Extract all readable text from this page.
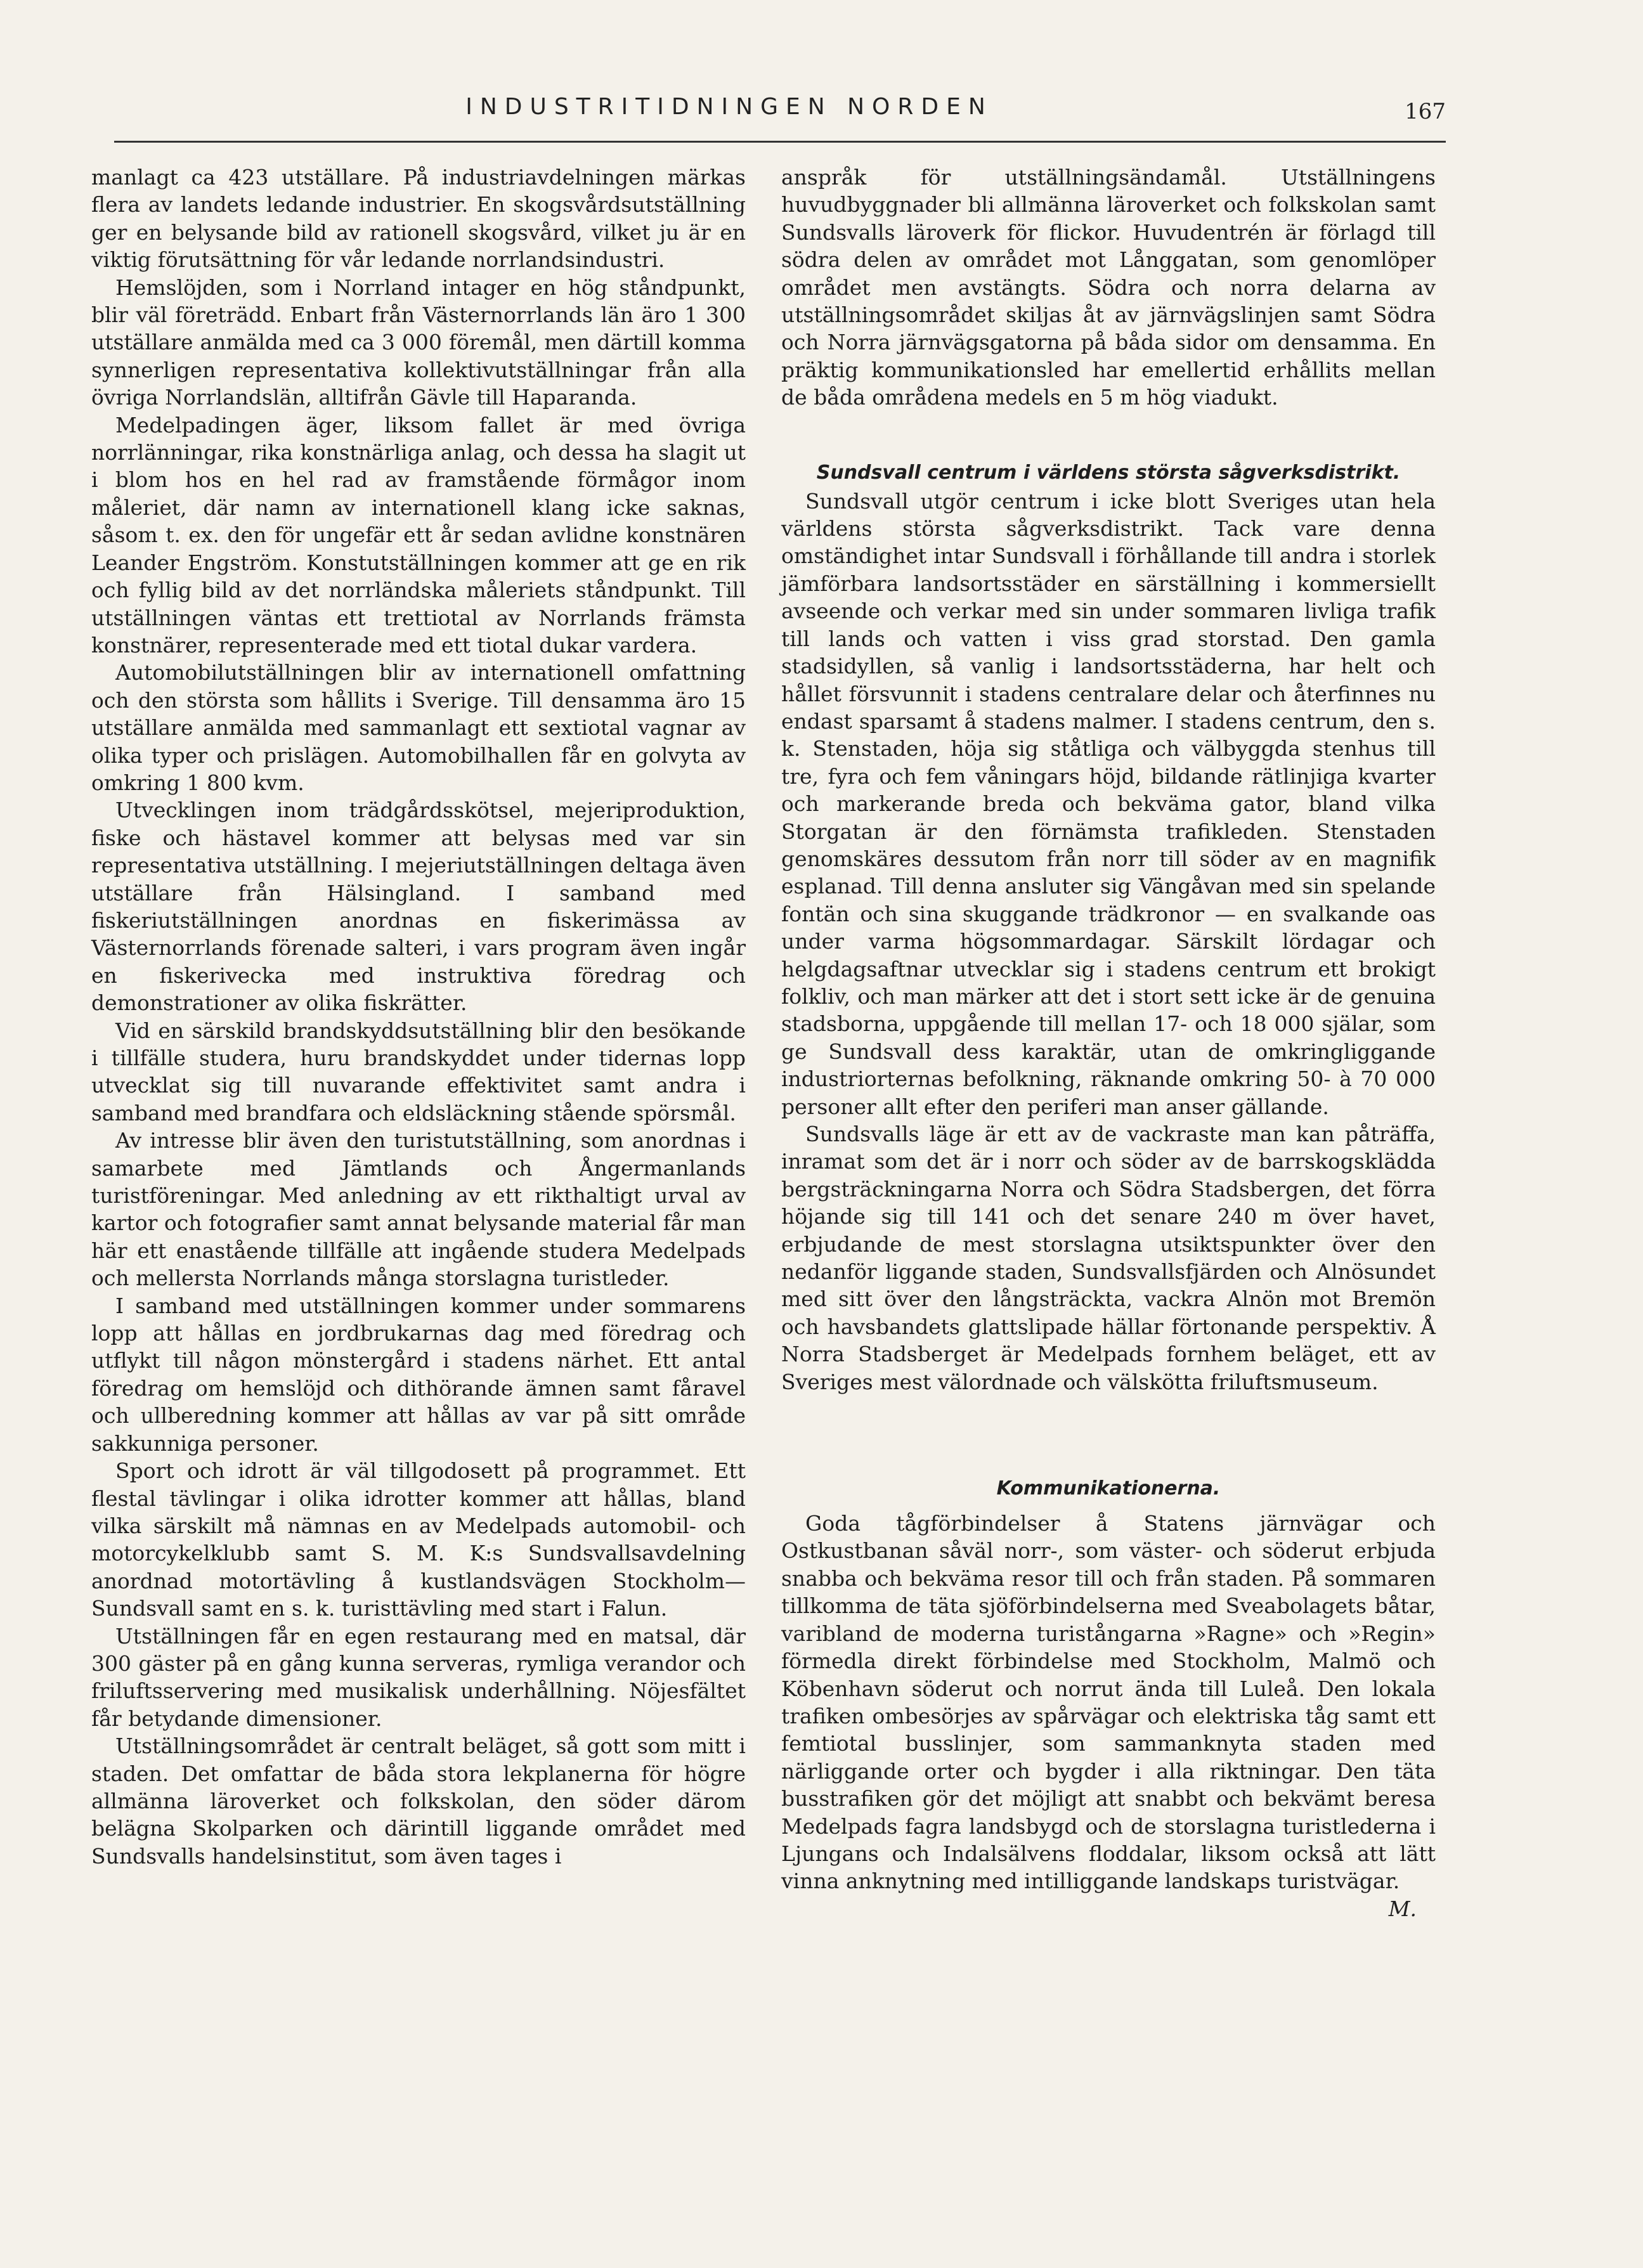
INDUSTRITIDNINGEN NORDEN	167

manlagt ca 423 utställare. På industriavdelningen märkas flera av landets ledande industrier. En skogsvårdsutställning ger en belysande bild av rationell skogsvård, vilket ju är en viktig förutsättning för vår ledande norrlandsindustri.

Hemslöjden, som i Norrland intager en hög ståndpunkt, blir väl företrädd. Enbart från Västernorrlands län äro 1 300 utställare anmälda med ca 3 000 föremål, men därtill komma synnerligen representativa kollektivutställningar från alla övriga Norrlandslän, alltifrån Gävle till Haparanda.

Medelpadingen äger, liksom fallet är med övriga norrlänningar, rika konstnärliga anlag, och dessa ha slagit ut i blom hos en hel rad av framstående förmågor inom måleriet, där namn av internationell klang icke saknas, såsom t. ex. den för ungefär ett år sedan avlidne konstnären Leander Engström. Konstutställningen kommer att ge en rik och fyllig bild av det norrländska måleriets ståndpunkt. Till utställningen väntas ett trettiotal av Norrlands främsta konstnärer, representerade med ett tiotal dukar vardera.

Automobilutställningen blir av internationell omfattning och den största som hållits i Sverige. Till densamma äro 15 utställare anmälda med sammanlagt ett sextiotal vagnar av olika typer och prislägen. Automobilhallen får en golvyta av omkring 1 800 kvm.

Utvecklingen inom trädgårdsskötsel, mejeriproduktion, fiske och hästavel kommer att belysas med var sin representativa utställning. I mejeriutställningen deltaga även utställare från Hälsingland. I samband med fiskeriutställningen anordnas en fiskerimässa av Västernorrlands förenade salteri, i vars program även ingår en fiskerivecka med instruktiva föredrag och demonstrationer av olika fiskrätter.

Vid en särskild brandskyddsutställning blir den besökande i tillfälle studera, huru brandskyddet under tidernas lopp utvecklat sig till nuvarande effektivitet samt andra i samband med brandfara och eldsläckning stående spörsmål.

Av intresse blir även den turistutställning, som anordnas i samarbete med Jämtlands och Ångermanlands turistföreningar. Med anledning av ett rikthaltigt urval av kartor och fotografier samt annat belysande material får man här ett enastående tillfälle att ingående studera Medelpads och mellersta Norrlands många storslagna turistleder.

I samband med utställningen kommer under sommarens lopp att hållas en jordbrukarnas dag med föredrag och utflykt till någon mönstergård i stadens närhet. Ett antal föredrag om hemslöjd och dithörande ämnen samt fåravel och ullberedning kommer att hållas av var på sitt område sakkunniga personer.

Sport och idrott är väl tillgodosett på programmet. Ett flestal tävlingar i olika idrotter kommer att hållas, bland vilka särskilt må nämnas en av Medelpads automobil- och motorcykelklubb samt S. M. K:s Sundsvallsavdelning anordnad motortävling å kustlandsvägen Stockholm—Sundsvall samt en s. k. turisttävling med start i Falun.

Utställningen får en egen restaurang med en matsal, där 300 gäster på en gång kunna serveras, rymliga verandor och friluftsservering med musikalisk underhållning. Nöjesfältet får betydande dimensioner.

Utställningsområdet är centralt beläget, så gott som mitt i staden. Det omfattar de båda stora lekplanerna för högre allmänna läroverket och folkskolan, den söder därom belägna Skolparken och därintill liggande området med Sundsvalls handelsinstitut, som även tages i

anspråk för utställningsändamål. Utställningens huvudbyggnader bli allmänna läroverket och folkskolan samt Sundsvalls läroverk för flickor. Huvudentrén är förlagd till södra delen av området mot Långgatan, som genomlöper området men avstängts. Södra och norra delarna av utställningsområdet skiljas åt av järnvägslinjen samt Södra och Norra järnvägsgatorna på båda sidor om densamma. En präktig kommunikationsled har emellertid erhållits mellan de båda områdena medels en 5 m hög viadukt.

Sundsvall centrum i världens största sågverksdistrikt.

Sundsvall utgör centrum i icke blott Sveriges utan hela världens största sågverksdistrikt. Tack vare denna omständighet intar Sundsvall i förhållande till andra i storlek jämförbara landsortsstäder en särställning i kommersiellt avseende och verkar med sin under sommaren livliga trafik till lands och vatten i viss grad storstad. Den gamla stadsidyllen, så vanlig i landsortsstäderna, har helt och hållet försvunnit i stadens centralare delar och återfinnes nu endast sparsamt å stadens malmer. I stadens centrum, den s. k. Stenstaden, höja sig ståtliga och välbyggda stenhus till tre, fyra och fem våningars höjd, bildande rätlinjiga kvarter och markerande breda och bekväma gator, bland vilka Storgatan är den förnämsta trafikleden. Stenstaden genomskäres dessutom från norr till söder av en magnifik esplanad. Till denna ansluter sig Vängåvan med sin spelande fontän och sina skuggande trädkronor — en svalkande oas under varma högsommardagar. Särskilt lördagar och helgdagsaftnar utvecklar sig i stadens centrum ett brokigt folkliv, och man märker att det i stort sett icke är de genuina stadsborna, uppgående till mellan 17- och 18 000 själar, som ge Sundsvall dess karaktär, utan de omkringliggande industriorternas befolkning, räknande omkring 50- à 70 000 personer allt efter den periferi man anser gällande.

Sundsvalls läge är ett av de vackraste man kan påträffa, inramat som det är i norr och söder av de barrskogsklädda bergsträckningarna Norra och Södra Stadsbergen, det förra höjande sig till 141 och det senare 240 m över havet, erbjudande de mest storslagna utsiktspunkter över den nedanför liggande staden, Sundsvallsfjärden och Alnösundet med sitt över den långsträckta, vackra Alnön mot Bremön och havsbandets glattslipade hällar förtonande perspektiv. Å Norra Stadsberget är Medelpads fornhem beläget, ett av Sveriges mest välordnade och välskötta friluftsmuseum.

Kommunikationerna.

Goda tågförbindelser å Statens järnvägar och Ostkustbanan såväl norr-, som väster- och söderut erbjuda snabba och bekväma resor till och från staden. På sommaren tillkomma de täta sjöförbindelserna med Sveabolagets båtar, varibland de moderna turistångarna »Ragne» och »Regin» förmedla direkt förbindelse med Stockholm, Malmö och Köbenhavn söderut och norrut ända till Luleå. Den lokala trafiken ombesörjes av spårvägar och elektriska tåg samt ett femtiotal busslinjer, som sammanknyta staden med närliggande orter och bygder i alla riktningar. Den täta busstrafiken gör det möjligt att snabbt och bekvämt beresa Medelpads fagra landsbygd och de storslagna turistlederna i Ljungans och Indalsälvens floddalar, liksom också att lätt vinna anknytning med intilliggande landskaps turistvägar.
M.
